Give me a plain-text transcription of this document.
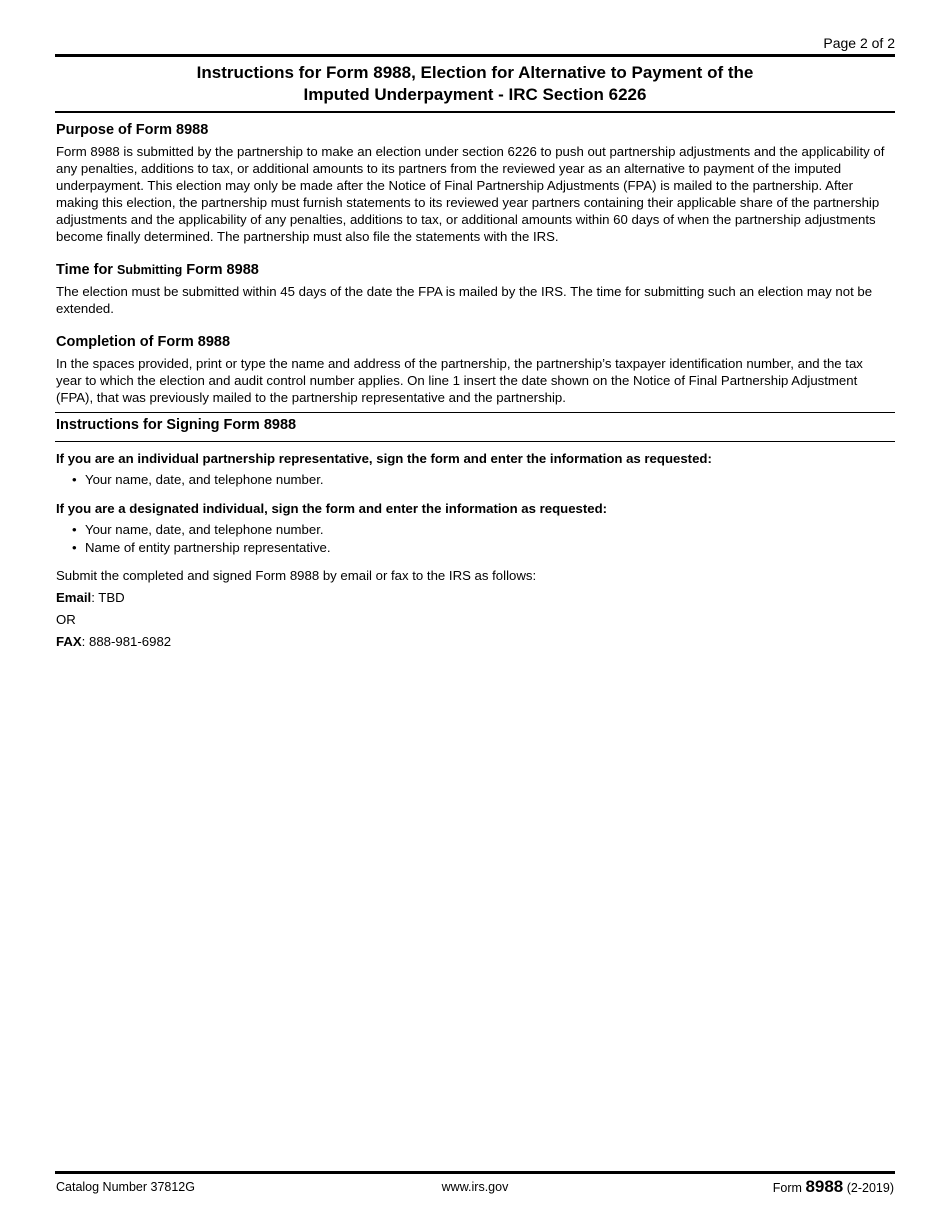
Page 2 of 2
Instructions for Form 8988, Election for Alternative to Payment of the
Imputed Underpayment - IRC Section 6226
Purpose of Form 8988

Form 8988 is submitted by the partnership to make an election under section 6226 to push out partnership adjustments and the applicability of any penalties, additions to tax, or additional amounts to its partners from the reviewed year as an alternative to payment of the imputed underpayment. This election may only be made after the Notice of Final Partnership Adjustments (FPA) is mailed to the partnership. After making this election, the partnership must furnish statements to its reviewed year partners containing their applicable share of the partnership adjustments and the applicability of any penalties, additions to tax, or additional amounts within 60 days of when the partnership adjustments become finally determined. The partnership must also file the statements with the IRS.

Time for Submitting Form 8988

The election must be submitted within 45 days of the date the FPA is mailed by the IRS. The time for submitting such an election may not be extended.

Completion of Form 8988

In the spaces provided, print or type the name and address of the partnership, the partnership’s taxpayer identification number, and the tax year to which the election and audit control number applies. On line 1 insert the date shown on the Notice of Final Partnership Adjustment (FPA), that was previously mailed to the partnership representative and the partnership.

Instructions for Signing Form 8988

If you are an individual partnership representative, sign the form and enter the information as requested:

• Your name, date, and telephone number.

If you are a designated individual, sign the form and enter the information as requested:

• Your name, date, and telephone number.
• Name of entity partnership representative.

Submit the completed and signed Form 8988 by email or fax to the IRS as follows:

Email: TBD
OR
FAX: 888-981-6982
Catalog Number 37812G	www.irs.gov	Form 8988 (2-2019)
